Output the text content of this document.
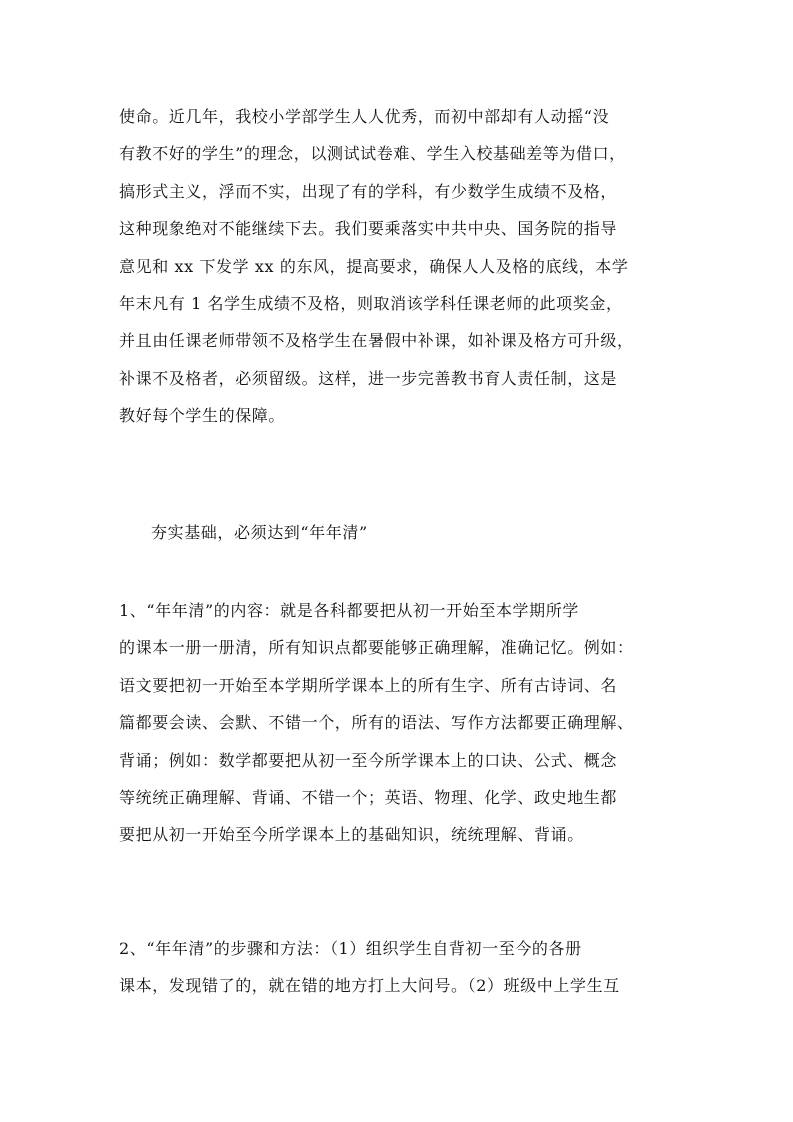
使命。近几年，我校小学部学生人人优秀，而初中部却有人动摇“没
有教不好的学生”的理念，以测试试卷难、学生入校基础差等为借口，
搞形式主义，浮而不实，出现了有的学科，有少数学生成绩不及格，
这种现象绝对不能继续下去。我们要乘落实中共中央、国务院的指导
意见和 xx 下发学 xx 的东风，提高要求，确保人人及格的底线，本学
年末凡有 1 名学生成绩不及格，则取消该学科任课老师的此项奖金，
并且由任课老师带领不及格学生在暑假中补课，如补课及格方可升级，
补课不及格者，必须留级。这样，进一步完善教书育人责任制，这是
教好每个学生的保障。
夯实基础，必须达到“年年清”
1、“年年清”的内容：就是各科都要把从初一开始至本学期所学
的课本一册一册清，所有知识点都要能够正确理解，准确记忆。例如：
语文要把初一开始至本学期所学课本上的所有生字、所有古诗词、名
篇都要会读、会默、不错一个，所有的语法、写作方法都要正确理解、
背诵；例如：数学都要把从初一至今所学课本上的口诀、公式、概念
等统统正确理解、背诵、不错一个；英语、物理、化学、政史地生都
要把从初一开始至今所学课本上的基础知识，统统理解、背诵。
2、“年年清”的步骤和方法：（1）组织学生自背初一至今的各册
课本，发现错了的，就在错的地方打上大问号。（2）班级中上学生互
